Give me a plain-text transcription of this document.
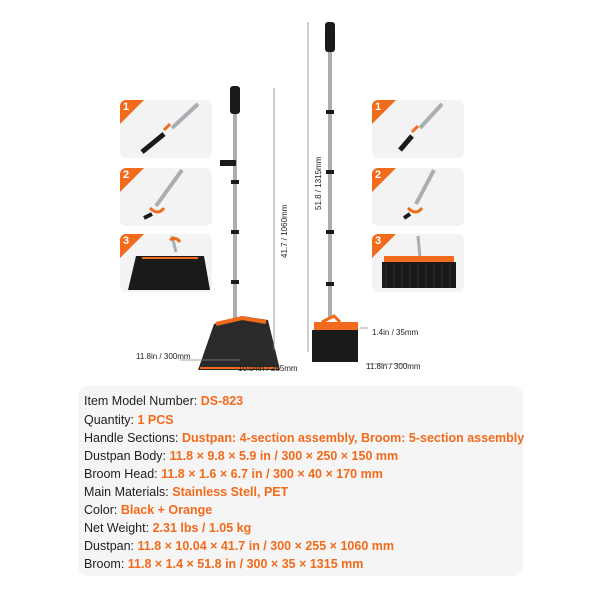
1
2
3
1
2
3
41.7 / 1060mm
51.8 / 1315mm
11.8in / 300mm
10.04in / 255mm
1.4in / 35mm
11.8in / 300mm
Item Model Number: DS-823
Quantity: 1 PCS
Handle Sections: Dustpan: 4-section assembly, Broom: 5-section assembly
Dustpan Body: 11.8 × 9.8 × 5.9 in / 300 × 250 × 150 mm
Broom Head: 11.8 × 1.6 × 6.7 in / 300 × 40 × 170 mm
Main Materials: Stainless Stell, PET
Color: Black + Orange
Net Weight: 2.31 lbs / 1.05 kg
Dustpan: 11.8 × 10.04 × 41.7 in / 300 × 255 × 1060 mm
Broom: 11.8 × 1.4 × 51.8 in / 300 × 35 × 1315 mm
